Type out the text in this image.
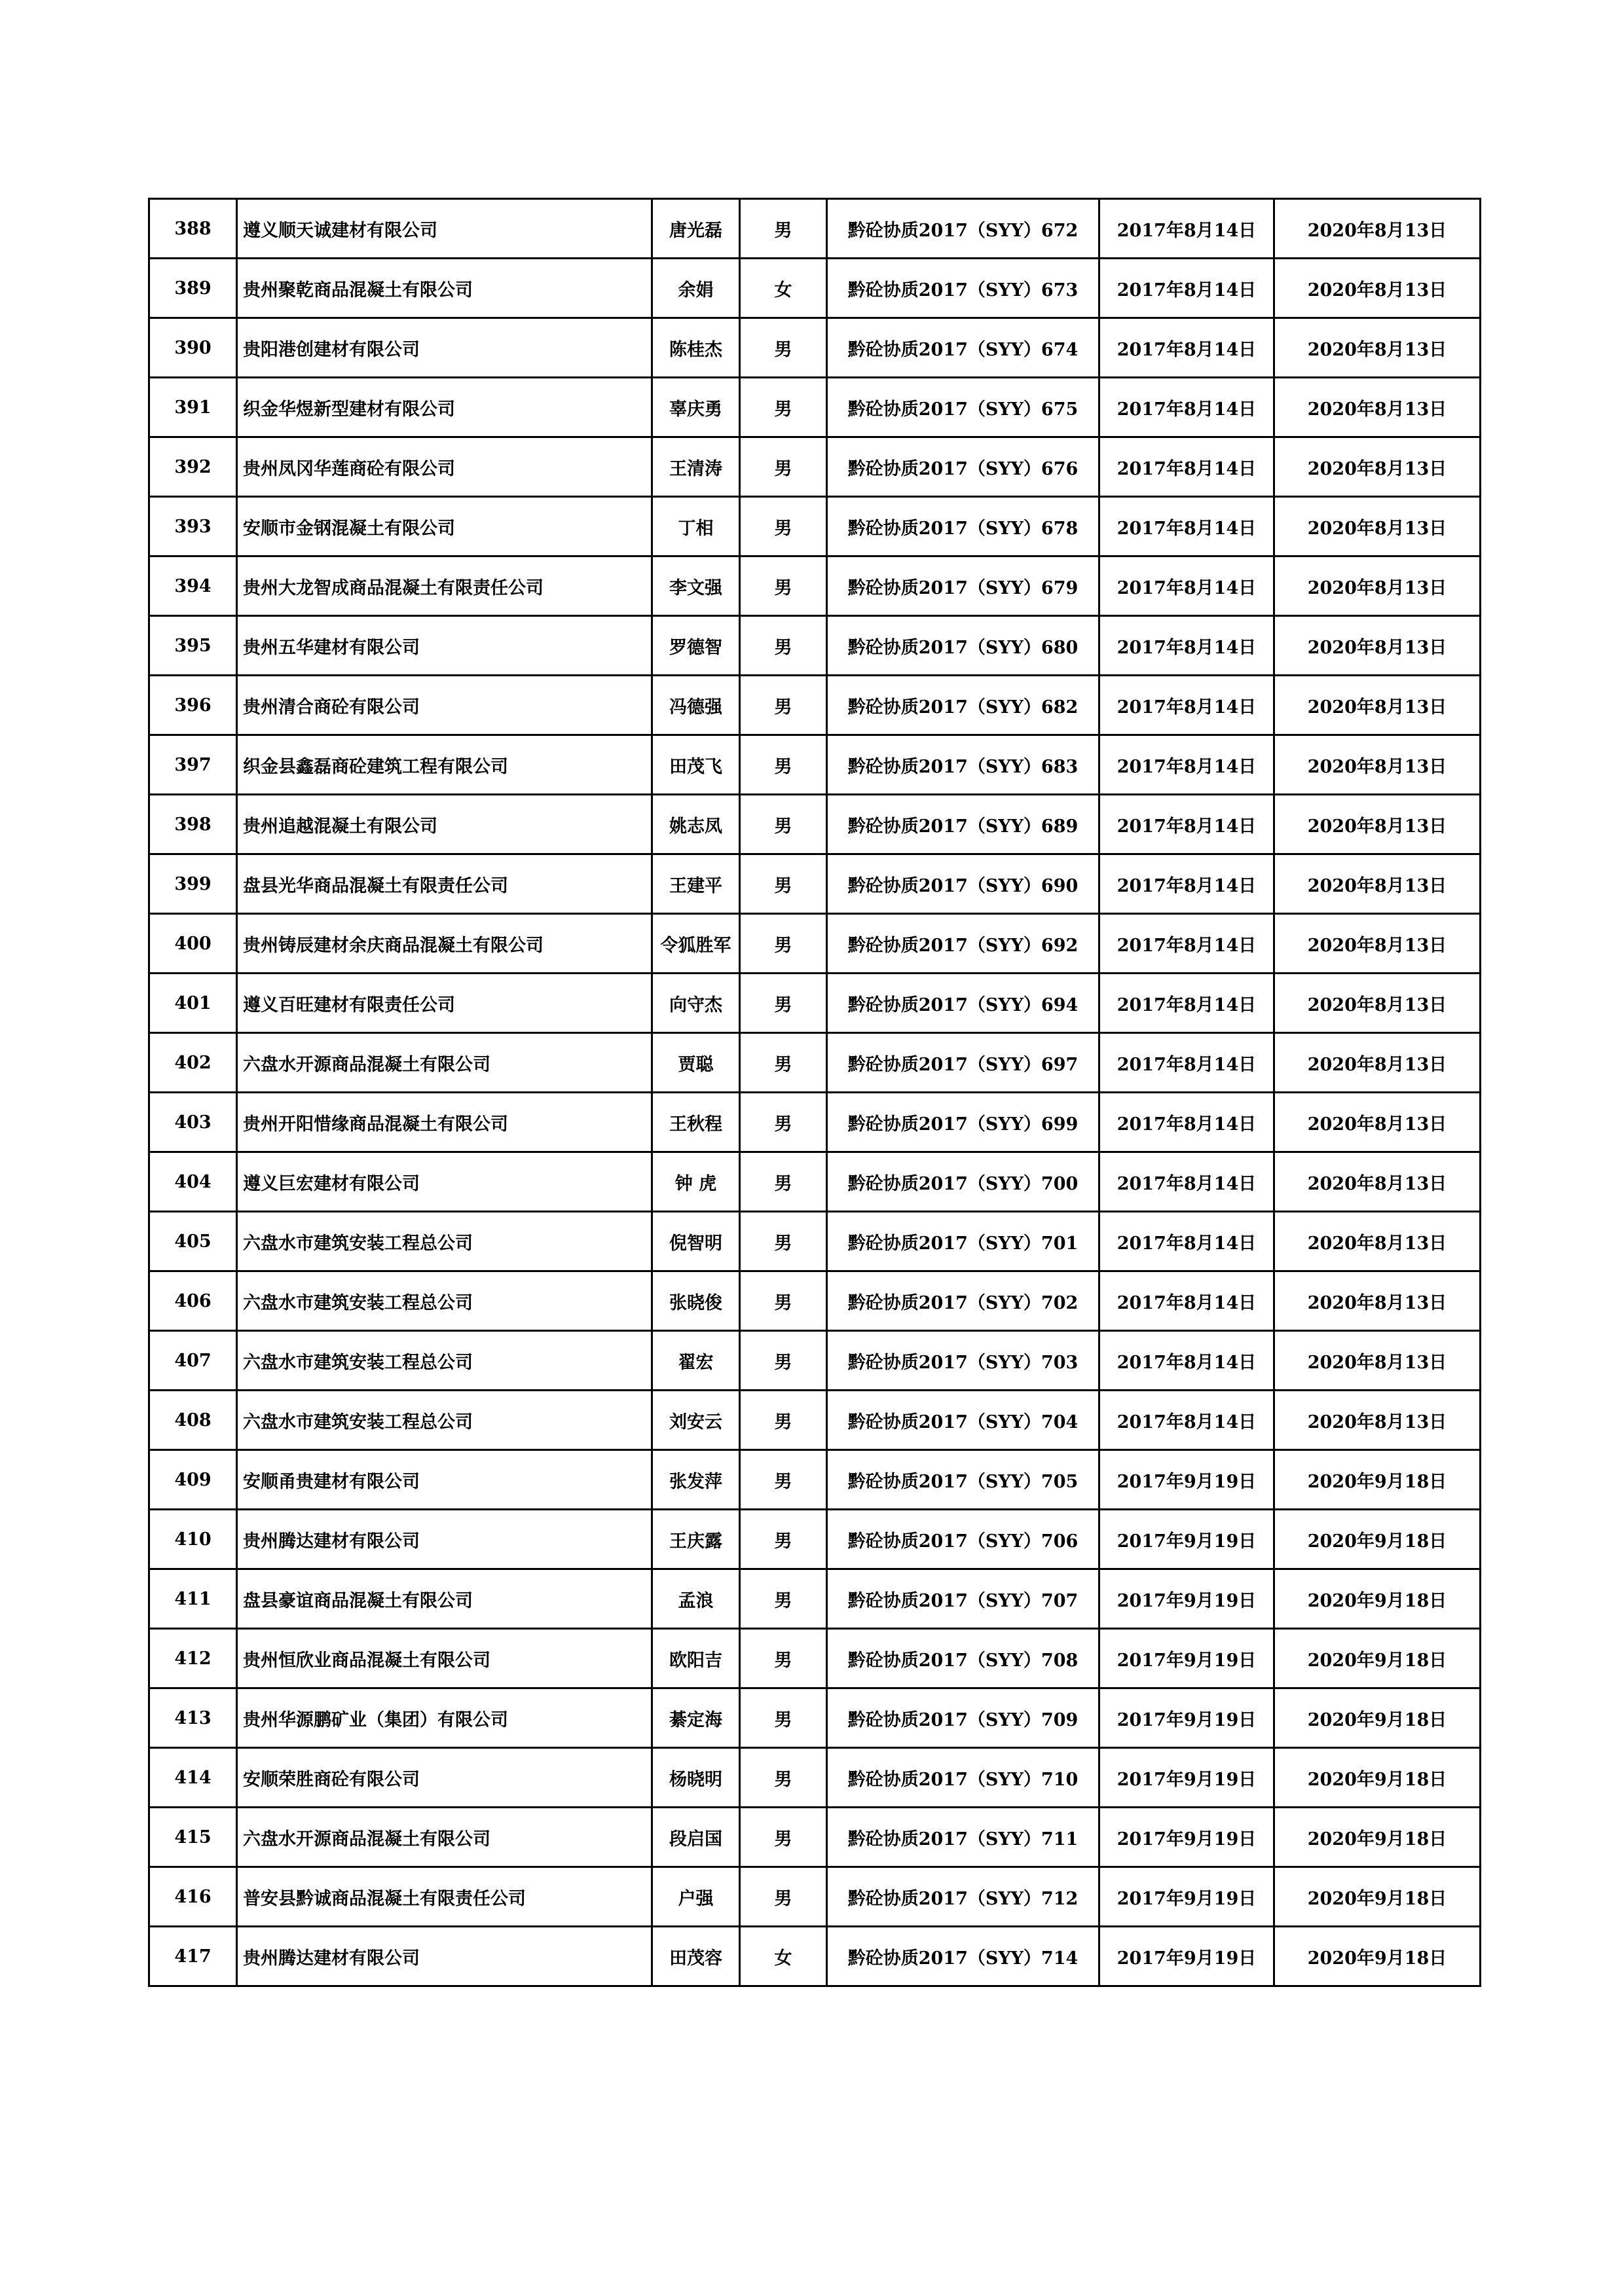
388	遵义顺天诚建材有限公司	唐光磊	男	黔砼协质2017（SYY）672	2017年8月14日	2020年8月13日
389	贵州聚乾商品混凝土有限公司	余娟	女	黔砼协质2017（SYY）673	2017年8月14日	2020年8月13日
390	贵阳港创建材有限公司	陈桂杰	男	黔砼协质2017（SYY）674	2017年8月14日	2020年8月13日
391	织金华煜新型建材有限公司	辜庆勇	男	黔砼协质2017（SYY）675	2017年8月14日	2020年8月13日
392	贵州凤冈华莲商砼有限公司	王清涛	男	黔砼协质2017（SYY）676	2017年8月14日	2020年8月13日
393	安顺市金钢混凝土有限公司	丁相	男	黔砼协质2017（SYY）678	2017年8月14日	2020年8月13日
394	贵州大龙智成商品混凝土有限责任公司	李文强	男	黔砼协质2017（SYY）679	2017年8月14日	2020年8月13日
395	贵州五华建材有限公司	罗德智	男	黔砼协质2017（SYY）680	2017年8月14日	2020年8月13日
396	贵州清合商砼有限公司	冯德强	男	黔砼协质2017（SYY）682	2017年8月14日	2020年8月13日
397	织金县鑫磊商砼建筑工程有限公司	田茂飞	男	黔砼协质2017（SYY）683	2017年8月14日	2020年8月13日
398	贵州追越混凝土有限公司	姚志凤	男	黔砼协质2017（SYY）689	2017年8月14日	2020年8月13日
399	盘县光华商品混凝土有限责任公司	王建平	男	黔砼协质2017（SYY）690	2017年8月14日	2020年8月13日
400	贵州铸辰建材余庆商品混凝土有限公司	令狐胜军	男	黔砼协质2017（SYY）692	2017年8月14日	2020年8月13日
401	遵义百旺建材有限责任公司	向守杰	男	黔砼协质2017（SYY）694	2017年8月14日	2020年8月13日
402	六盘水开源商品混凝土有限公司	贾聪	男	黔砼协质2017（SYY）697	2017年8月14日	2020年8月13日
403	贵州开阳惜缘商品混凝土有限公司	王秋程	男	黔砼协质2017（SYY）699	2017年8月14日	2020年8月13日
404	遵义巨宏建材有限公司	钟 虎	男	黔砼协质2017（SYY）700	2017年8月14日	2020年8月13日
405	六盘水市建筑安装工程总公司	倪智明	男	黔砼协质2017（SYY）701	2017年8月14日	2020年8月13日
406	六盘水市建筑安装工程总公司	张晓俊	男	黔砼协质2017（SYY）702	2017年8月14日	2020年8月13日
407	六盘水市建筑安装工程总公司	翟宏	男	黔砼协质2017（SYY）703	2017年8月14日	2020年8月13日
408	六盘水市建筑安装工程总公司	刘安云	男	黔砼协质2017（SYY）704	2017年8月14日	2020年8月13日
409	安顺甬贵建材有限公司	张发萍	男	黔砼协质2017（SYY）705	2017年9月19日	2020年9月18日
410	贵州腾达建材有限公司	王庆露	男	黔砼协质2017（SYY）706	2017年9月19日	2020年9月18日
411	盘县豪谊商品混凝土有限公司	孟浪	男	黔砼协质2017（SYY）707	2017年9月19日	2020年9月18日
412	贵州恒欣业商品混凝土有限公司	欧阳吉	男	黔砼协质2017（SYY）708	2017年9月19日	2020年9月18日
413	贵州华源鹏矿业（集团）有限公司	綦定海	男	黔砼协质2017（SYY）709	2017年9月19日	2020年9月18日
414	安顺荣胜商砼有限公司	杨晓明	男	黔砼协质2017（SYY）710	2017年9月19日	2020年9月18日
415	六盘水开源商品混凝土有限公司	段启国	男	黔砼协质2017（SYY）711	2017年9月19日	2020年9月18日
416	普安县黔诚商品混凝土有限责任公司	户强	男	黔砼协质2017（SYY）712	2017年9月19日	2020年9月18日
417	贵州腾达建材有限公司	田茂容	女	黔砼协质2017（SYY）714	2017年9月19日	2020年9月18日
